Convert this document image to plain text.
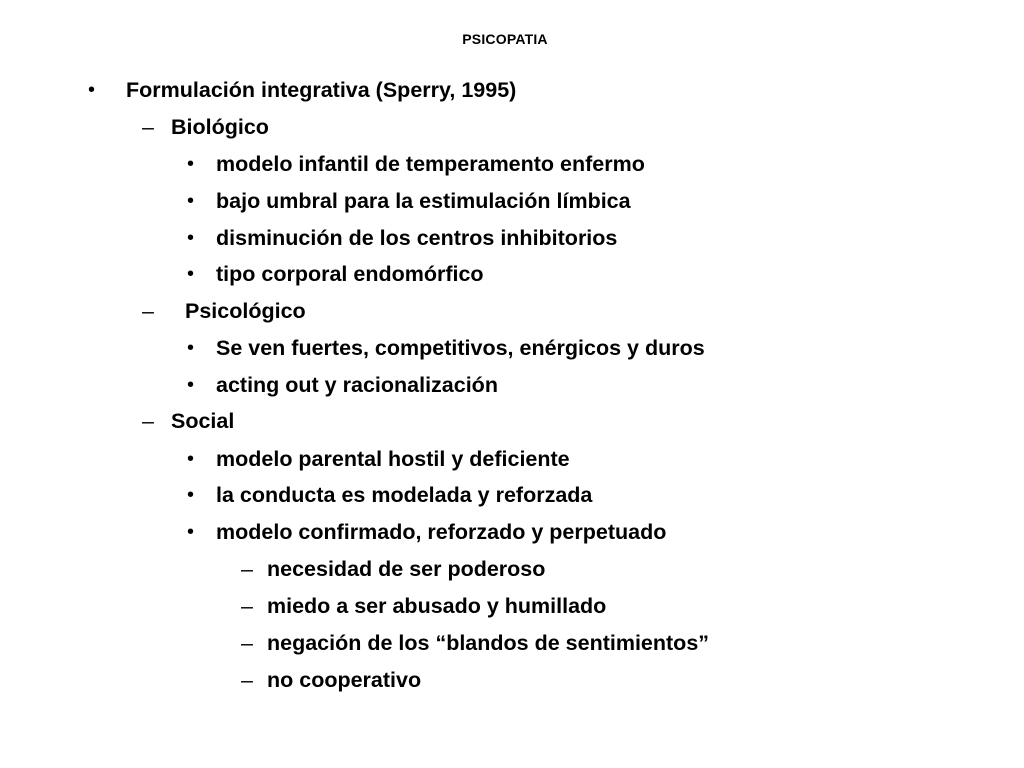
PSICOPATIA
• Formulación integrativa (Sperry, 1995)
– Biológico
• modelo infantil de temperamento enfermo
• bajo umbral para la estimulación límbica
• disminución de los centros inhibitorios
• tipo corporal endomórfico
– Psicológico
• Se ven fuertes, competitivos, enérgicos y duros
• acting out y racionalización
– Social
• modelo parental hostil y deficiente
• la conducta es modelada y reforzada
• modelo confirmado, reforzado y perpetuado
– necesidad de ser poderoso
– miedo a ser abusado y humillado
– negación de los “blandos de sentimientos”
– no cooperativo
